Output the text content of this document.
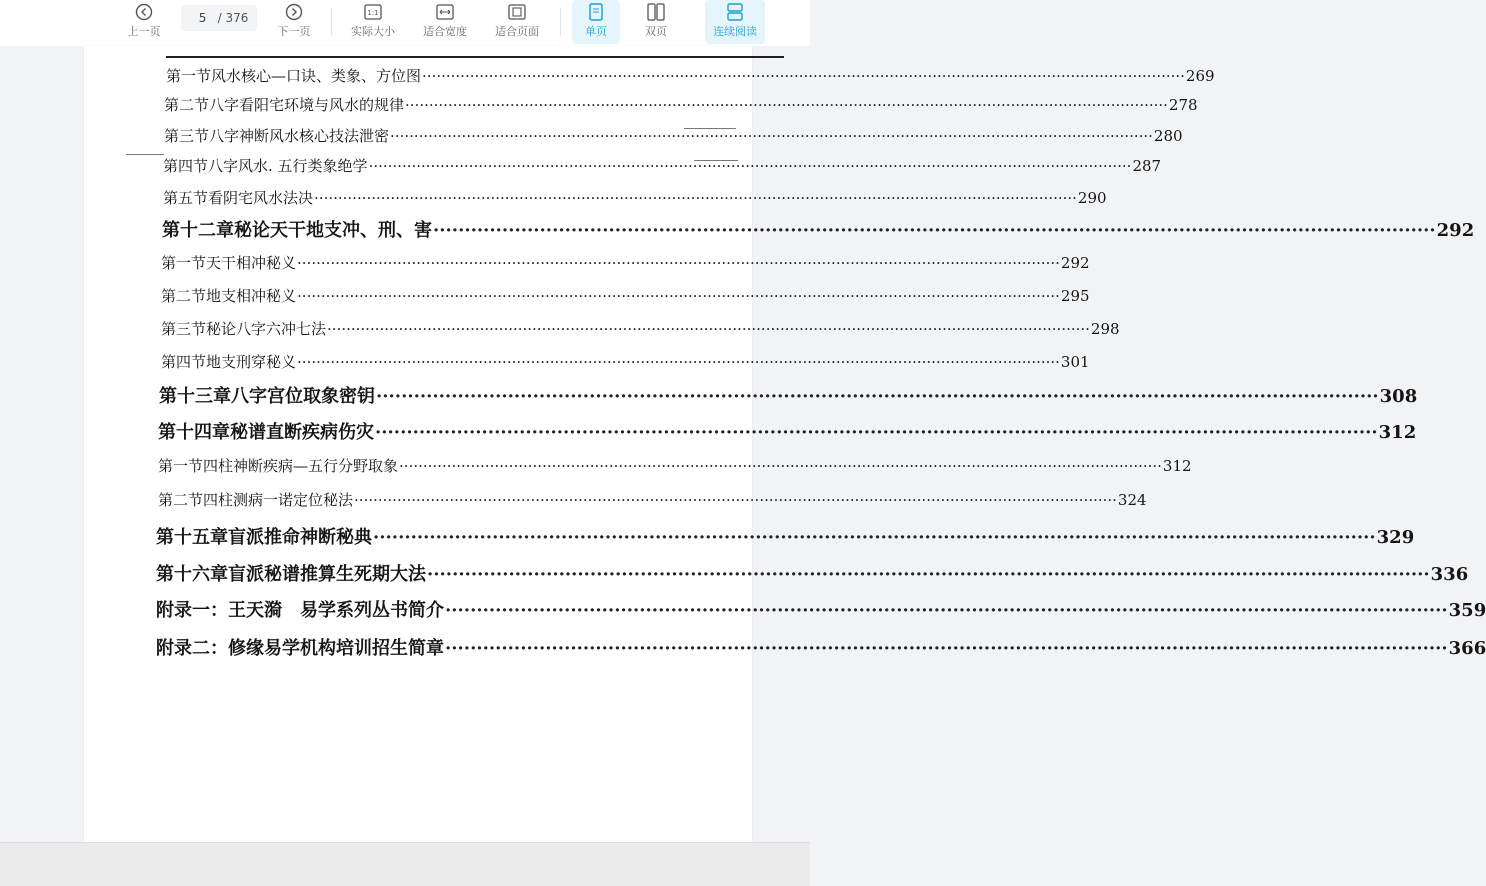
上一页
5
/ 376
下一页
1:1
实际大小	适合宽度	适合页面	单页	双页	连续阅读
第一节 风水核心—口诀、类象、方位图 ································································································································································ 269
第二节 八字看阳宅环境与风水的规律 ································································································································································ 278
第三节 八字神断风水核心技法泄密 ································································································································································ 280
第四节 八字风水. 五行类象绝学 ································································································································································ 287
第五节 看阴宅风水法决 ································································································································································ 290
第十二章 秘论天干地支冲、刑、害 ································································································································································ 292
第一节 天干相冲秘义 ································································································································································ 292
第二节 地支相冲秘义 ································································································································································ 295
第三节 秘论八字六冲七法 ································································································································································ 298
第四节 地支刑穿秘义 ································································································································································ 301
第十三章 八字宫位取象密钥 ································································································································································ 308
第十四章 秘谱直断疾病伤灾 ································································································································································ 312
第一节 四柱神断疾病—五行分野取象 ································································································································································ 312
第二节 四柱测病一诺定位秘法 ································································································································································ 324
第十五章 盲派推命神断秘典 ································································································································································ 329
第十六章 盲派秘谱推算生死期大法 ································································································································································ 336
附录一： 王天漪　易学系列丛书简介 ································································································································································ 359
附录二： 修缘易学机构培训招生简章 ································································································································································ 366
